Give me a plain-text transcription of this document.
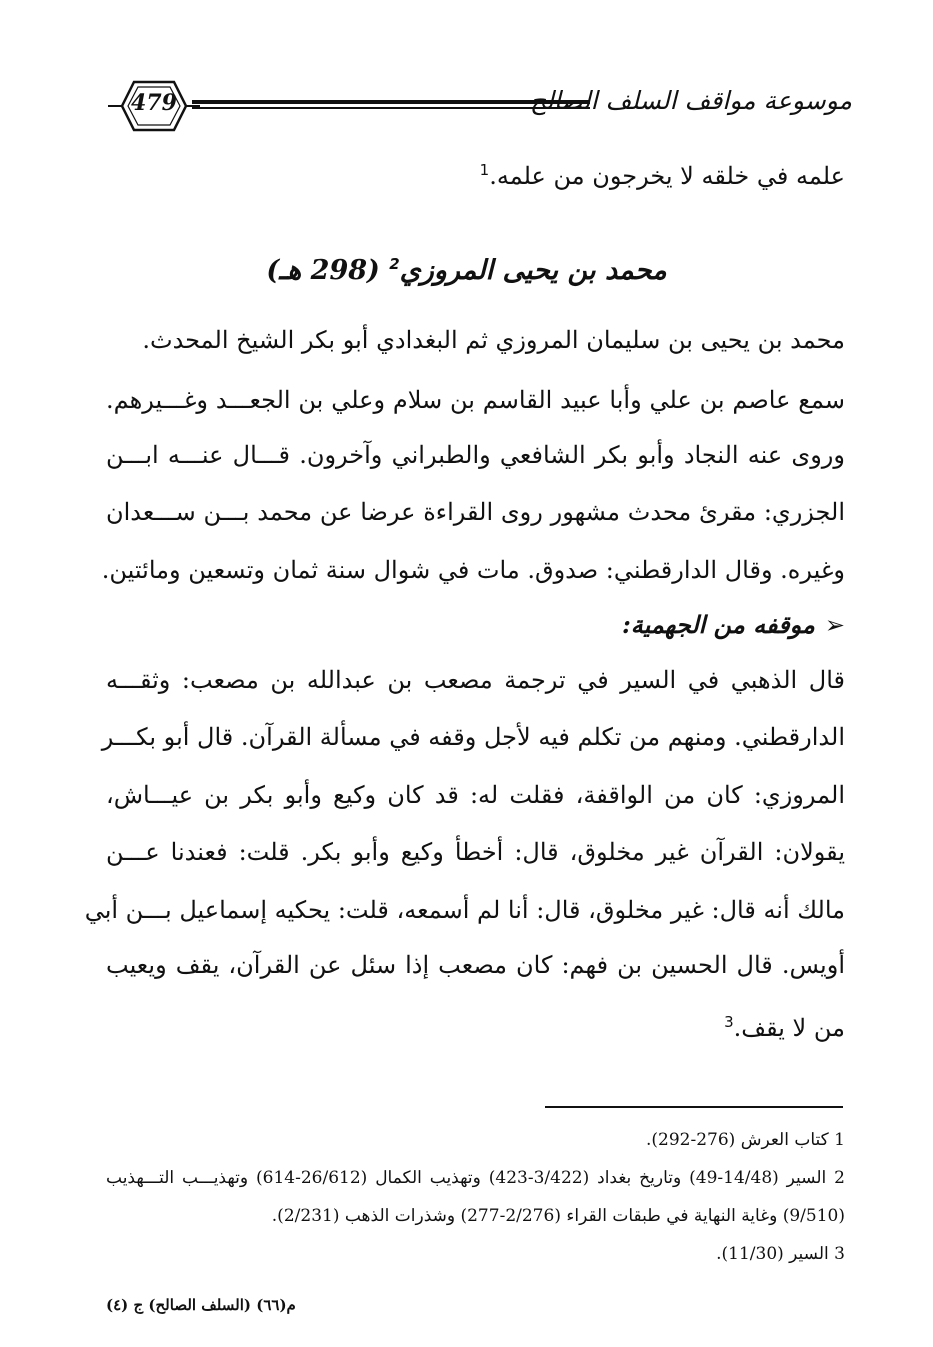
479	موسوعة مواقف السلف الصالح
علمه في خلقه لا يخرجون من علمه.$^1$
محمد بن يحيى المروزي$^2$ (298 هـ)
محمد بن يحيى بن سليمان المروزي ثم البغدادي أبو بكر الشيخ المحدث.
سمع عاصم بن علي وأبا عبيد القاسم بن سلام وعلي بن الجعـــد وغـــيرهم.
وروى عنه النجاد وأبو بكر الشافعي والطبراني وآخرون. قـــال عنـــه ابـــن
الجزري: مقرئ محدث مشهور روى القراءة عرضا عن محمد بـــن ســـعدان
وغيره. وقال الدارقطني: صدوق. مات في شوال سنة ثمان وتسعين ومائتين.
➢موقفه من الجهمية:
قال الذهبي في السير في ترجمة مصعب بن عبدالله بن مصعب: وثقـــه
الدارقطني. ومنهم من تكلم فيه لأجل وقفه في مسألة القرآن. قال أبو بكـــر
المروزي: كان من الواقفة، فقلت له: قد كان وكيع وأبو بكر بن عيـــاش،
يقولان: القرآن غير مخلوق، قال: أخطأ وكيع وأبو بكر. قلت: فعندنا عـــن
مالك أنه قال: غير مخلوق، قال: أنا لم أسمعه، قلت: يحكيه إسماعيل بـــن أبي
أويس. قال الحسين بن فهم: كان مصعب إذا سئل عن القرآن، يقف ويعيب
من لا يقف.$^3$
1 كتاب العرش (276-292).
2 السير (14/48-49) وتاريخ بغداد (3/422-423) وتهذيب الكمال (26/612-614) وتهذيـــب التـــهذيب
(9/510) وغاية النهاية في طبقات القراء (2/276-277) وشذرات الذهب (2/231).
3 السير (11/30).
م(٦٦) (السلف الصالح) ج (٤)
